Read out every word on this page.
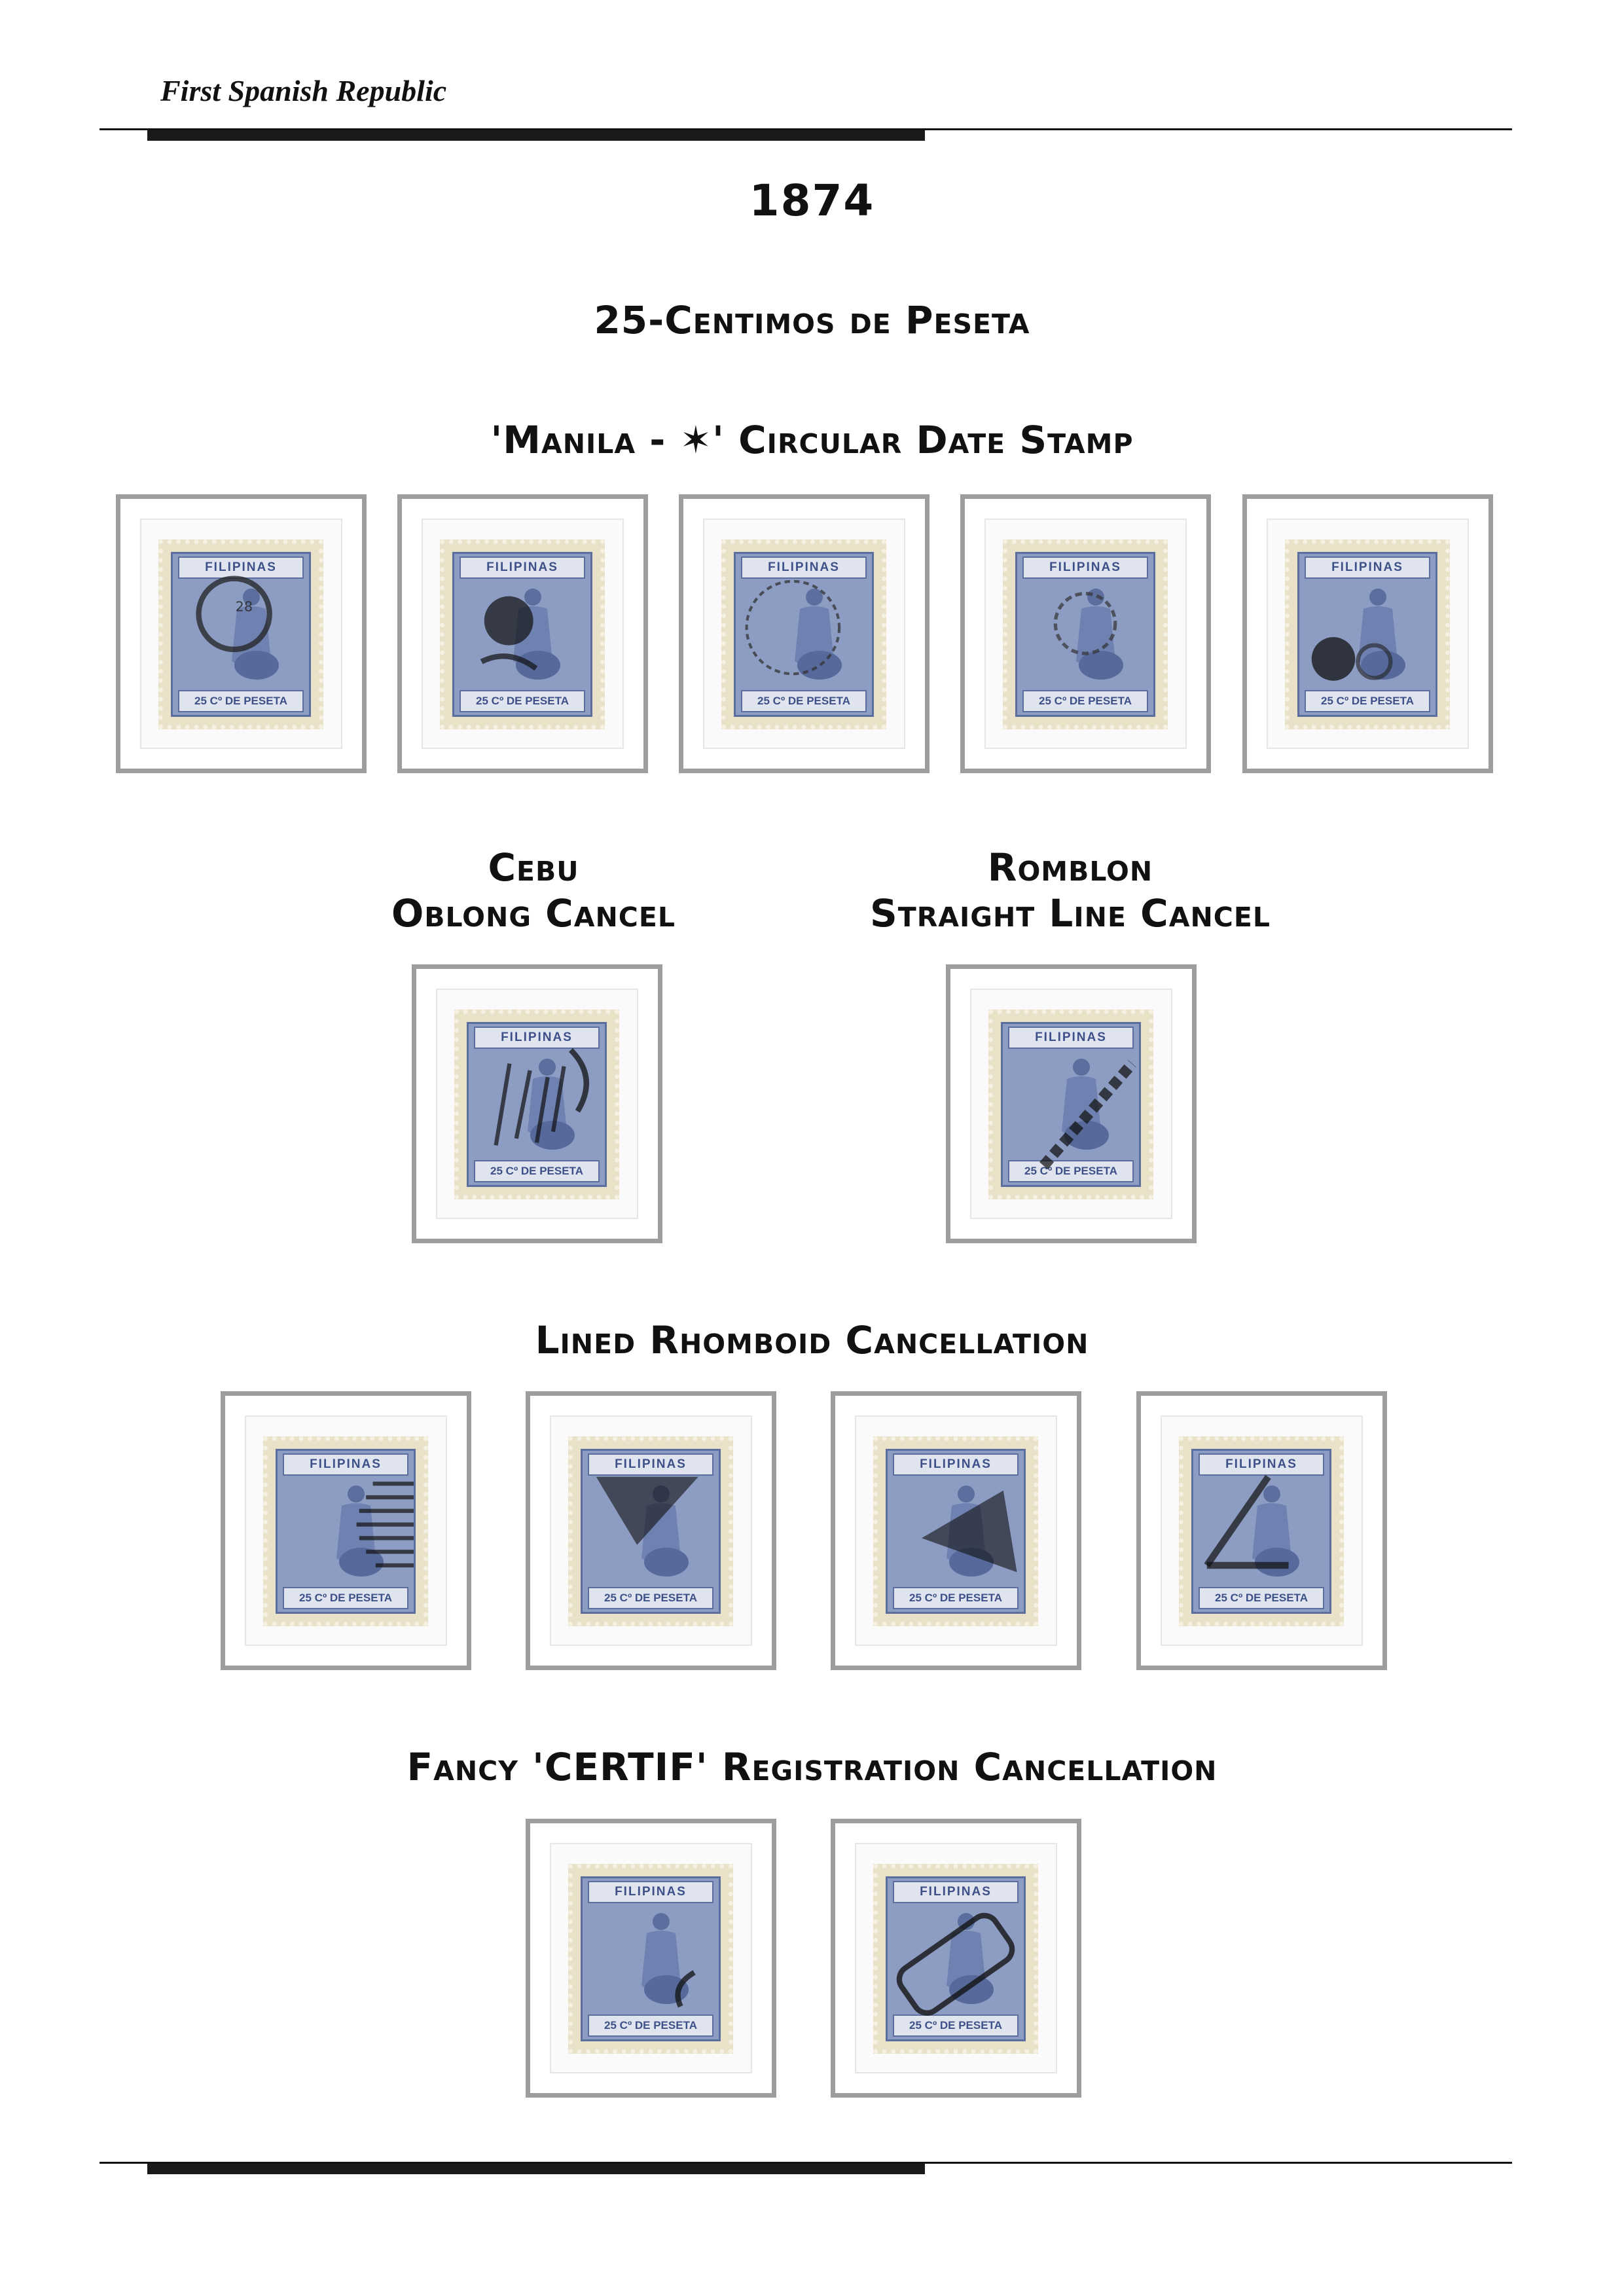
First Spanish Republic
1874
25-Centimos de Peseta
'Manila - ✶' Circular Date Stamp
FILIPINAS
25 Cº DE PESETA
28
FILIPINAS
25 Cº DE PESETA
FILIPINAS
25 Cº DE PESETA
FILIPINAS
25 Cº DE PESETA
FILIPINAS
25 Cº DE PESETA
Cebu
Oblong Cancel
Romblon
Straight Line Cancel
FILIPINAS
25 Cº DE PESETA
FILIPINAS
25 Cº DE PESETA
Lined Rhomboid Cancellation
FILIPINAS
25 Cº DE PESETA
FILIPINAS
25 Cº DE PESETA
FILIPINAS
25 Cº DE PESETA
FILIPINAS
25 Cº DE PESETA
Fancy 'CERTIF' Registration Cancellation
FILIPINAS
25 Cº DE PESETA
FILIPINAS
25 Cº DE PESETA
